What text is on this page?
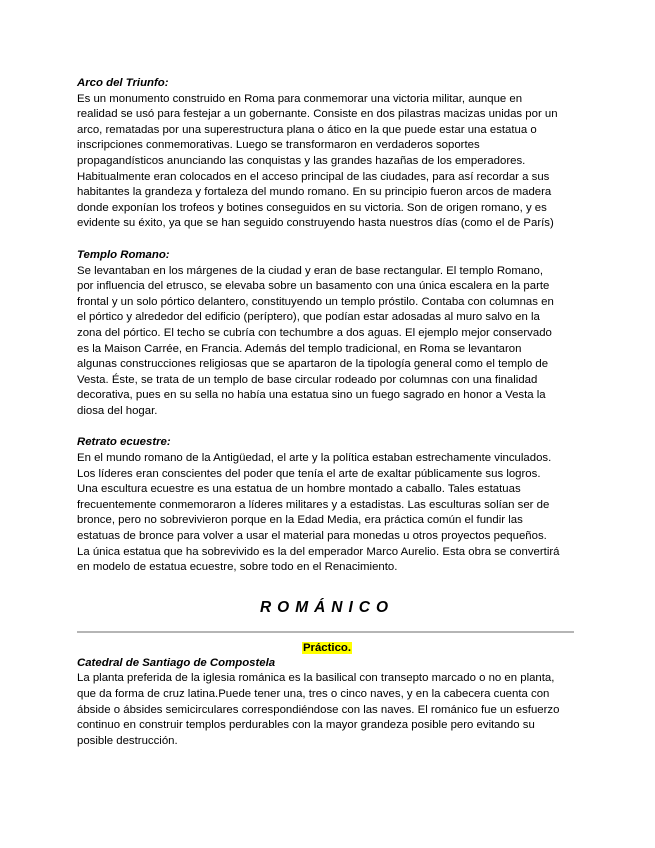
Arco del Triunfo:

Es un monumento construido en Roma para conmemorar una victoria militar, aunque en
realidad se usó para festejar a un gobernante. Consiste en dos pilastras macizas unidas por un
arco, rematadas por una superestructura plana o ático en la que puede estar una estatua o
inscripciones conmemorativas. Luego se transformaron en verdaderos soportes
propagandísticos anunciando las conquistas y las grandes hazañas de los emperadores.
Habitualmente eran colocados en el acceso principal de las ciudades, para así recordar a sus
habitantes la grandeza y fortaleza del mundo romano. En su principio fueron arcos de madera
donde exponían los trofeos y botines conseguidos en su victoria. Son de origen romano, y es
evidente su éxito, ya que se han seguido construyendo hasta nuestros días (como el de París)

Templo Romano:

Se levantaban en los márgenes de la ciudad y eran de base rectangular. El templo Romano,
por influencia del etrusco, se elevaba sobre un basamento con una única escalera en la parte
frontal y un solo pórtico delantero, constituyendo un templo próstilo. Contaba con columnas en
el pórtico y alrededor del edificio (períptero), que podían estar adosadas al muro salvo en la
zona del pórtico. El techo se cubría con techumbre a dos aguas. El ejemplo mejor conservado
es la Maison Carrée, en Francia. Además del templo tradicional, en Roma se levantaron
algunas construcciones religiosas que se apartaron de la tipología general como el templo de
Vesta. Éste, se trata de un templo de base circular rodeado por columnas con una finalidad
decorativa, pues en su sella no había una estatua sino un fuego sagrado en honor a Vesta la
diosa del hogar.

Retrato ecuestre:

En el mundo romano de la Antigüedad, el arte y la política estaban estrechamente vinculados.
Los líderes eran conscientes del poder que tenía el arte de exaltar públicamente sus logros.
Una escultura ecuestre es una estatua de un hombre montado a caballo. Tales estatuas
frecuentemente conmemoraron a líderes militares y a estadistas. Las esculturas solían ser de
bronce, pero no sobrevivieron porque en la Edad Media, era práctica común el fundir las
estatuas de bronce para volver a usar el material para monedas u otros proyectos pequeños.
La única estatua que ha sobrevivido es la del emperador Marco Aurelio. Esta obra se convertirá
en modelo de estatua ecuestre, sobre todo en el Renacimiento.
ROMÁNICO
Práctico.

Catedral de Santiago de Compostela

La planta preferida de la iglesia románica es la basilical con transepto marcado o no en planta,
que da forma de cruz latina.Puede tener una, tres o cinco naves, y en la cabecera cuenta con
ábside o ábsides semicirculares correspondiéndose con las naves. El románico fue un esfuerzo
continuo en construir templos perdurables con la mayor grandeza posible pero evitando su
posible destrucción.
